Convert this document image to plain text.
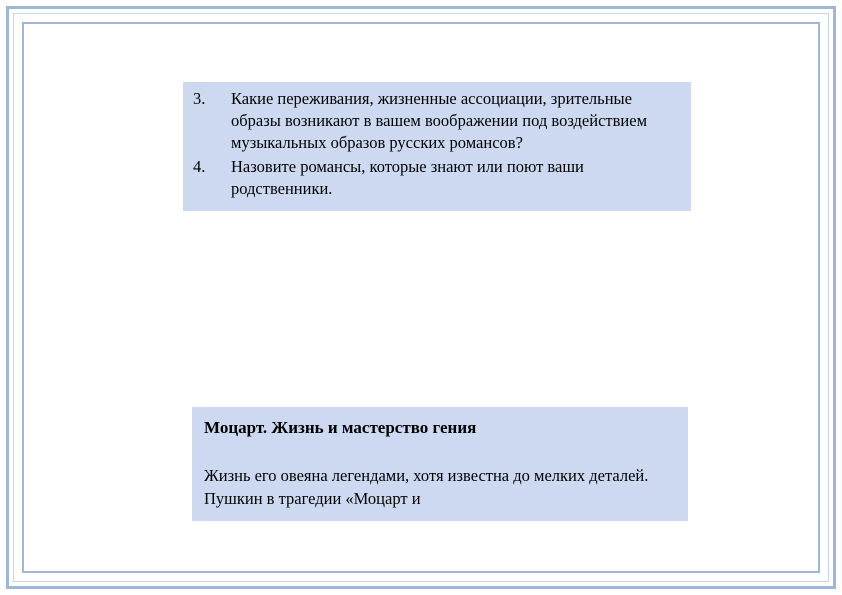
3. Какие переживания, жизненные ассоциации, зрительные образы возникают в вашем воображении под воздействием музыкальных образов русских романсов?
4. Назовите романсы, которые знают или поют ваши родственники.

Моцарт. Жизнь и мастерство гения

Жизнь его овеяна легендами, хотя известна до мелких деталей. Пушкин в трагедии «Моцарт и
